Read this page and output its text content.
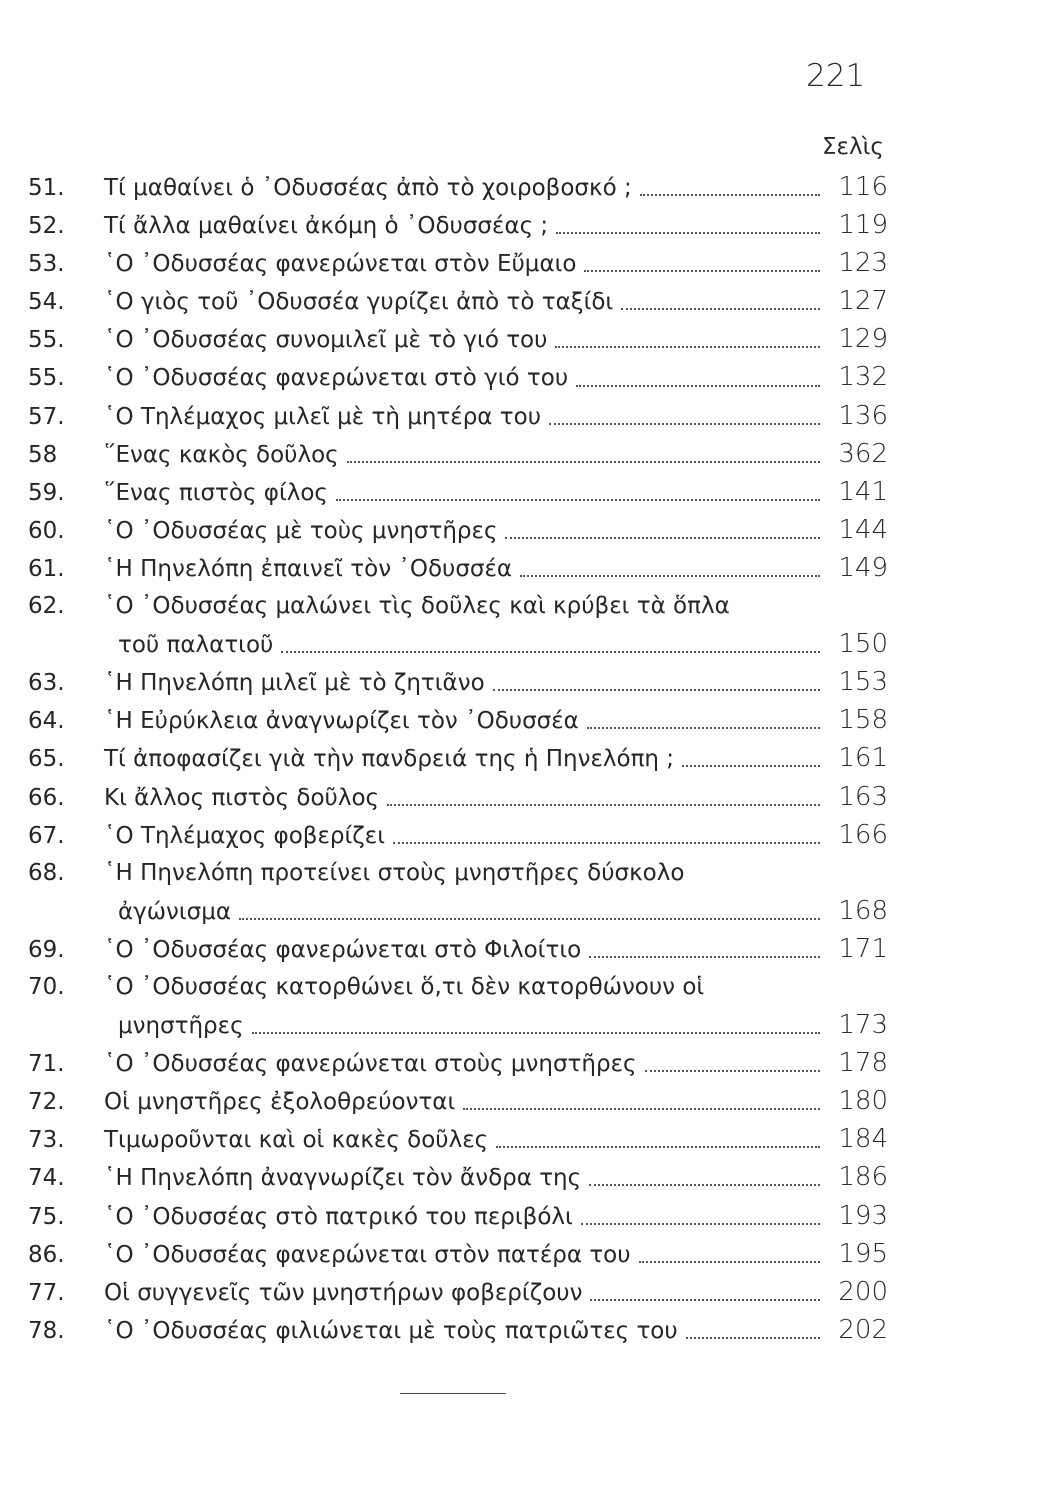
221
Σελὶς
51.	Τί μαθαίνει ὁ ᾿Οδυσσέας ἀπὸ τὸ χοιροβοσκό ;	116
52.	Τί ἄλλα μαθαίνει ἀκόμη ὁ ᾿Οδυσσέας ;	119
53.	῾Ο ᾿Οδυσσέας φανερώνεται στὸν Εὔμαιο	123
54.	῾Ο γιὸς τοῦ ᾿Οδυσσέα γυρίζει ἀπὸ τὸ ταξίδι	127
55.	῾Ο ᾿Οδυσσέας συνομιλεῖ μὲ τὸ γιό του	129
55.	῾Ο ᾿Οδυσσέας φανερώνεται στὸ γιό του	132
57.	῾Ο Τηλέμαχος μιλεῖ μὲ τὴ μητέρα του	136
58	῞Ενας κακὸς δοῦλος	362
59.	῞Ενας πιστὸς φίλος	141
60.	῾Ο ᾿Οδυσσέας μὲ τοὺς μνηστῆρες	144
61.	῾Η Πηνελόπη ἐπαινεῖ τὸν ᾿Οδυσσέα	149
62.	῾Ο ᾿Οδυσσέας μαλώνει τὶς δοῦλες καὶ κρύβει τὰ ὅπλα
τοῦ παλατιοῦ	150
63.	῾Η Πηνελόπη μιλεῖ μὲ τὸ ζητιᾶνο	153
64.	῾Η Εὐρύκλεια ἀναγνωρίζει τὸν ᾿Οδυσσέα	158
65.	Τί ἀποφασίζει γιὰ τὴν πανδρειά της ἡ Πηνελόπη ;	161
66.	Κι ἄλλος πιστὸς δοῦλος	163
67.	῾Ο Τηλέμαχος φοβερίζει	166
68.	῾Η Πηνελόπη προτείνει στοὺς μνηστῆρες δύσκολο
ἀγώνισμα	168
69.	῾Ο ᾿Οδυσσέας φανερώνεται στὸ Φιλοίτιο	171
70.	῾Ο ᾿Οδυσσέας κατορθώνει ὅ,τι δὲν κατορθώνουν οἱ
μνηστῆρες	173
71.	῾Ο ᾿Οδυσσέας φανερώνεται στοὺς μνηστῆρες	178
72.	Οἱ μνηστῆρες ἐξολοθρεύονται	180
73.	Τιμωροῦνται καὶ οἱ κακὲς δοῦλες	184
74.	῾Η Πηνελόπη ἀναγνωρίζει τὸν ἄνδρα της	186
75.	῾Ο ᾿Οδυσσέας στὸ πατρικό του περιβόλι	193
86.	῾Ο ᾿Οδυσσέας φανερώνεται στὸν πατέρα του	195
77.	Οἱ συγγενεῖς τῶν μνηστήρων φοβερίζουν	200
78.	῾Ο ᾿Οδυσσέας φιλιώνεται μὲ τοὺς πατριῶτες του	202
